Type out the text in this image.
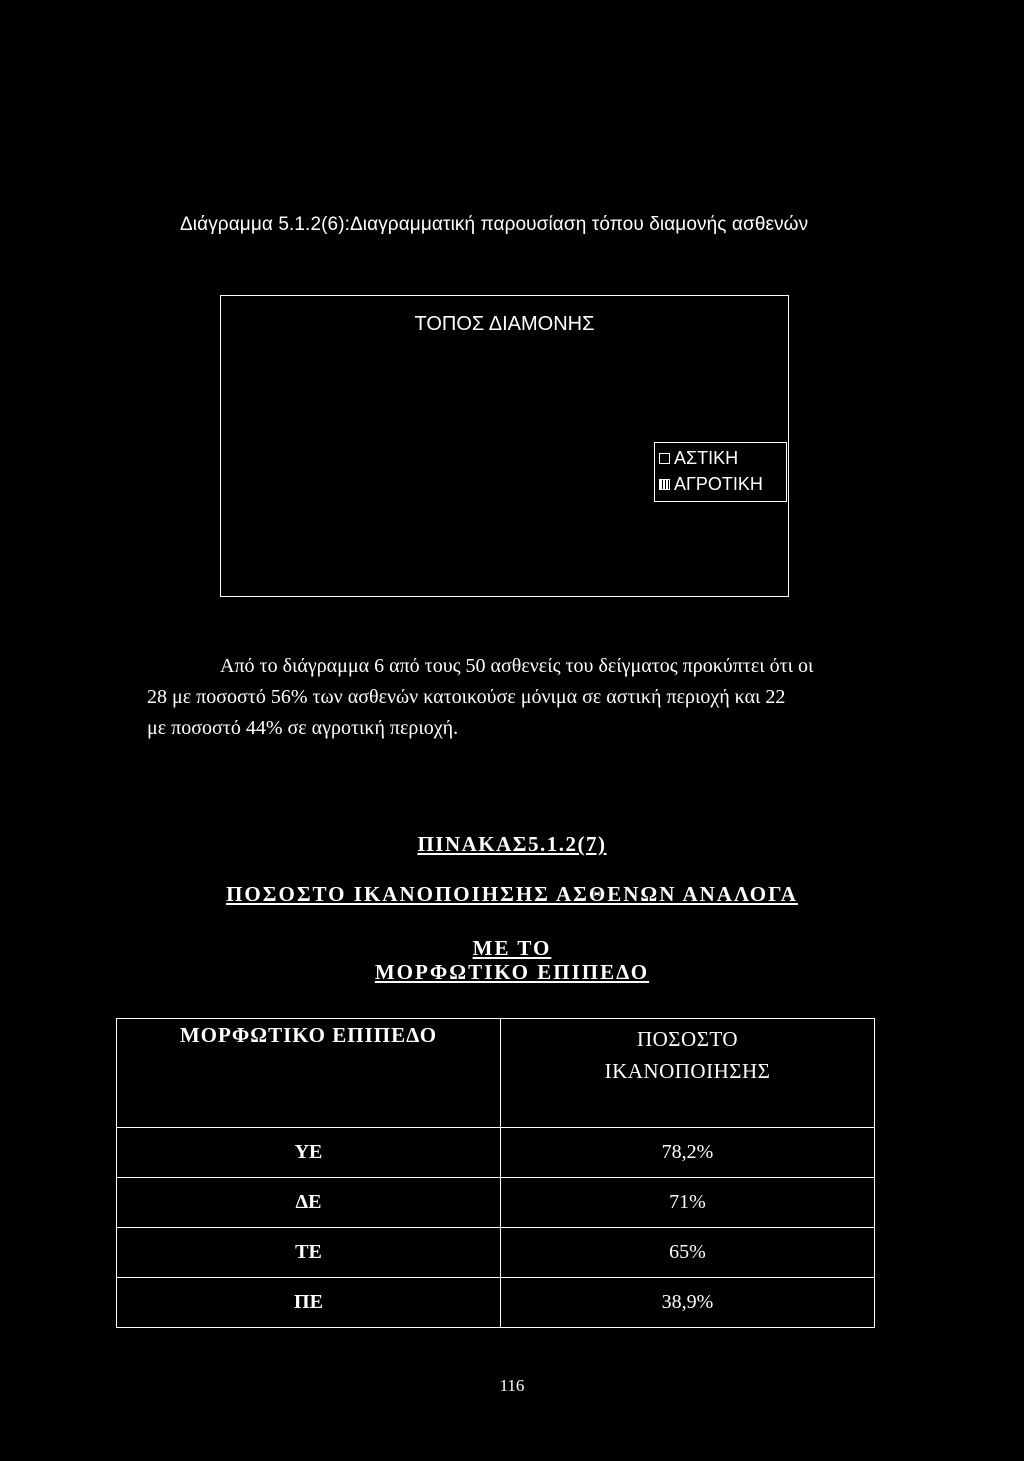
Διάγραμμα 5.1.2(6):Διαγραμματική παρουσίαση τόπου διαμονής ασθενών
ΤΟΠΟΣ ΔΙΑΜΟΝΗΣ
ΑΣΤΙΚΗ
ΑΓΡΟΤΙΚΗ

Από το διάγραμμα 6 από τους 50 ασθενείς του δείγματος προκύπτει ότι οι

28 με ποσοστό 56% των ασθενών κατοικούσε μόνιμα σε αστική περιοχή και 22

με ποσοστό 44% σε αγροτική περιοχή.

ΠΙΝΑΚΑΣ5.1.2(7)
ΠΟΣΟΣΤΟ ΙΚΑΝΟΠΟΙΗΣΗΣ ΑΣΘΕΝΩΝ ΑΝΑΛΟΓΑ
ΜΕ ΤΟ
ΜΟΡΦΩΤΙΚΟ ΕΠΙΠΕΔΟ
ΜΟΡΦΩΤΙΚΟ ΕΠΙΠΕΔΟ	ΠΟΣΟΣΤΟ
ΙΚΑΝΟΠΟΙΗΣΗΣ

ΥΕ	78,2%
ΔΕ	71%
ΤΕ	65%
ΠΕ	38,9%
116
